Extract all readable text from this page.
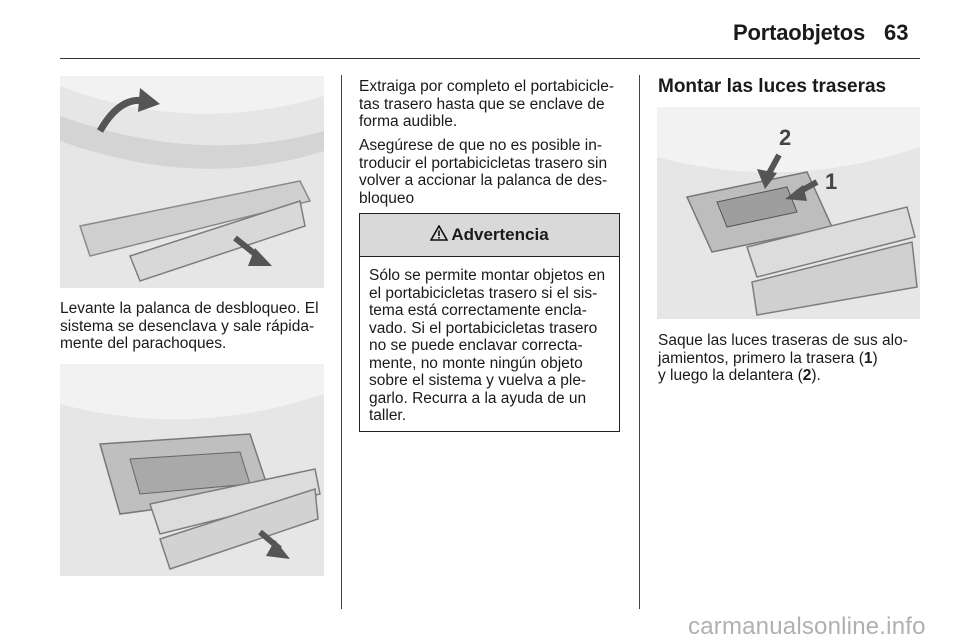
Portaobjetos 63

Levante la palanca de desbloqueo. El
sistema se desenclava y sale rápida-
mente del parachoques.

Extraiga por completo el portabicicle-
tas trasero hasta que se enclave de
forma audible.

Asegúrese de que no es posible in-
troducir el portabicicletas trasero sin
volver a accionar la palanca de des-
bloqueo

Advertencia
Sólo se permite montar objetos en
el portabicicletas trasero si el sis-
tema está correctamente encla-
vado. Si el portabicicletas trasero
no se puede enclavar correcta-
mente, no monte ningún objeto
sobre el sistema y vuelva a ple-
garlo. Recurra a la ayuda de un
taller.
Montar las luces traseras
2
1

Saque las luces traseras de sus alo-
jamientos, primero la trasera (1)
y luego la delantera (2).

carmanualsonline.info
